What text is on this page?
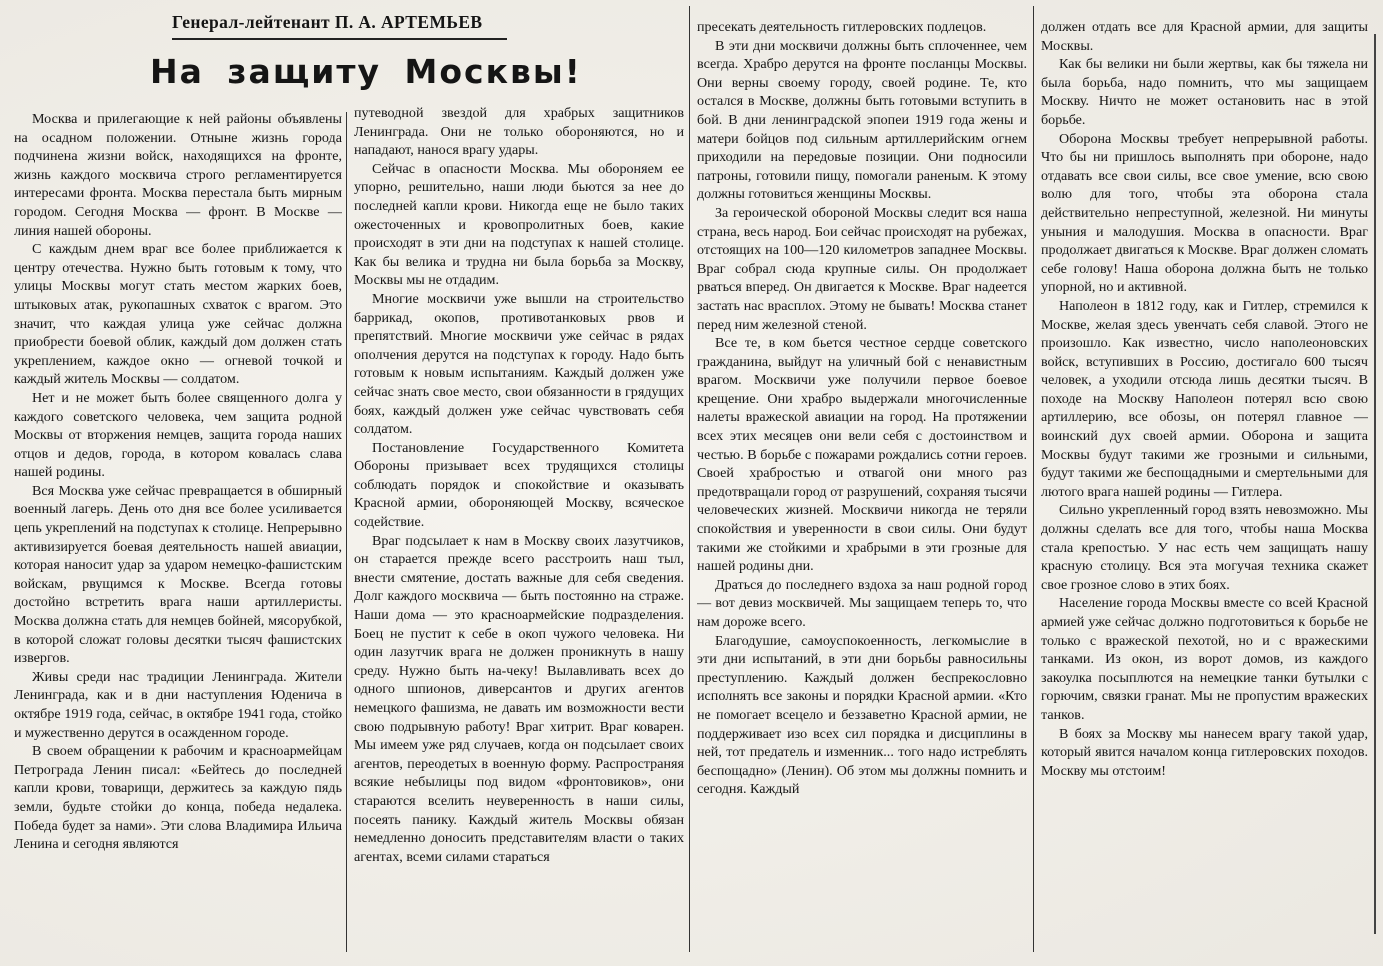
Генерал-лейтенант П. А. АРТЕМЬЕВ
На защиту Москвы!

Москва и прилегающие к ней районы объявлены на осадном положении. Отныне жизнь города подчинена жизни войск, находящихся на фронте, жизнь каждого москвича строго регламентируется интересами фронта. Москва перестала быть мирным городом. Сегодня Москва — фронт. В Москве — линия нашей обороны.

С каждым днем враг все более приближается к центру отечества. Нужно быть готовым к тому, что улицы Москвы могут стать местом жарких боев, штыковых атак, рукопашных схваток с врагом. Это значит, что каждая улица уже сейчас должна приобрести боевой облик, каждый дом должен стать укреплением, каждое окно — огневой точкой и каждый житель Москвы — солдатом.

Нет и не может быть более священного долга у каждого советского человека, чем защита родной Москвы от вторжения немцев, защита города наших отцов и дедов, города, в котором ковалась слава нашей родины.

Вся Москва уже сейчас превращается в обширный военный лагерь. День ото дня все более усиливается цепь укреплений на подступах к столице. Непрерывно активизируется боевая деятельность нашей авиации, которая наносит удар за ударом немецко-фашистским войскам, рвущимся к Москве. Всегда готовы достойно встретить врага наши артиллеристы. Москва должна стать для немцев бойней, мясорубкой, в которой сложат головы десятки тысяч фашистских извергов.

Живы среди нас традиции Ленинграда. Жители Ленинграда, как и в дни наступления Юденича в октябре 1919 года, сейчас, в октябре 1941 года, стойко и мужественно дерутся в осажденном городе.

В своем обращении к рабочим и красноармейцам Петрограда Ленин писал: «Бейтесь до последней капли крови, товарищи, держитесь за каждую пядь земли, будьте стойки до конца, победа недалека. Победа будет за нами». Эти слова Владимира Ильича Ленина и сегодня являются

путеводной звездой для храбрых защитников Ленинграда. Они не только обороняются, но и нападают, нанося врагу удары.

Сейчас в опасности Москва. Мы обороняем ее упорно, решительно, наши люди бьются за нее до последней капли крови. Никогда еще не было таких ожесточенных и кровопролитных боев, какие происходят в эти дни на подступах к нашей столице. Как бы велика и трудна ни была борьба за Москву, Москвы мы не отдадим.

Многие москвичи уже вышли на строительство баррикад, окопов, противотанковых рвов и препятствий. Многие москвичи уже сейчас в рядах ополчения дерутся на подступах к городу. Надо быть готовым к новым испытаниям. Каждый должен уже сейчас знать свое место, свои обязанности в грядущих боях, каждый должен уже сейчас чувствовать себя солдатом.

Постановление Государственного Комитета Обороны призывает всех трудящихся столицы соблюдать порядок и спокойствие и оказывать Красной армии, обороняющей Москву, всяческое содействие.

Враг подсылает к нам в Москву своих лазутчиков, он старается прежде всего расстроить наш тыл, внести смятение, достать важные для себя сведения. Долг каждого москвича — быть постоянно на страже. Наши дома — это красноармейские подразделения. Боец не пустит к себе в окоп чужого человека. Ни один лазутчик врага не должен проникнуть в нашу среду. Нужно быть на-чеку! Вылавливать всех до одного шпионов, диверсантов и других агентов немецкого фашизма, не давать им возможности вести свою подрывную работу! Враг хитрит. Враг коварен. Мы имеем уже ряд случаев, когда он подсылает своих агентов, переодетых в военную форму. Распространяя всякие небылицы под видом «фронтовиков», они стараются вселить неуверенность в наши силы, посеять панику. Каждый житель Москвы обязан немедленно доносить представителям власти о таких агентах, всеми силами стараться

пресекать деятельность гитлеровских подлецов.

В эти дни москвичи должны быть сплоченнее, чем всегда. Храбро дерутся на фронте посланцы Москвы. Они верны своему городу, своей родине. Те, кто остался в Москве, должны быть готовыми вступить в бой. В дни ленинградской эпопеи 1919 года жены и матери бойцов под сильным артиллерийским огнем приходили на передовые позиции. Они подносили патроны, готовили пищу, помогали раненым. К этому должны готовиться женщины Москвы.

За героической обороной Москвы следит вся наша страна, весь народ. Бои сейчас происходят на рубежах, отстоящих на 100—120 километров западнее Москвы. Враг собрал сюда крупные силы. Он продолжает рваться вперед. Он двигается к Москве. Враг надеется застать нас врасплох. Этому не бывать! Москва станет перед ним железной стеной.

Все те, в ком бьется честное сердце советского гражданина, выйдут на уличный бой с ненавистным врагом. Москвичи уже получили первое боевое крещение. Они храбро выдержали многочисленные налеты вражеской авиации на город. На протяжении всех этих месяцев они вели себя с достоинством и честью. В борьбе с пожарами рождались сотни героев. Своей храбростью и отвагой они много раз предотвращали город от разрушений, сохраняя тысячи человеческих жизней. Москвичи никогда не теряли спокойствия и уверенности в свои силы. Они будут такими же стойкими и храбрыми в эти грозные для нашей родины дни.

Драться до последнего вздоха за наш родной город — вот девиз москвичей. Мы защищаем теперь то, что нам дороже всего.

Благодушие, самоуспокоенность, легкомыслие в эти дни испытаний, в эти дни борьбы равносильны преступлению. Каждый должен беспрекословно исполнять все законы и порядки Красной армии. «Кто не помогает всецело и беззаветно Красной армии, не поддерживает изо всех сил порядка и дисциплины в ней, тот предатель и изменник... того надо истреблять беспощадно» (Ленин). Об этом мы должны помнить и сегодня. Каждый

должен отдать все для Красной армии, для защиты Москвы.

Как бы велики ни были жертвы, как бы тяжела ни была борьба, надо помнить, что мы защищаем Москву. Ничто не может остановить нас в этой борьбе.

Оборона Москвы требует непрерывной работы. Что бы ни пришлось выполнять при обороне, надо отдавать все свои силы, все свое умение, всю свою волю для того, чтобы эта оборона стала действительно непреступной, железной. Ни минуты уныния и малодушия. Москва в опасности. Враг продолжает двигаться к Москве. Враг должен сломать себе голову! Наша оборона должна быть не только упорной, но и активной.

Наполеон в 1812 году, как и Гитлер, стремился к Москве, желая здесь увенчать себя славой. Этого не произошло. Как известно, число наполеоновских войск, вступивших в Россию, достигало 600 тысяч человек, а уходили отсюда лишь десятки тысяч. В походе на Москву Наполеон потерял всю свою артиллерию, все обозы, он потерял главное — воинский дух своей армии. Оборона и защита Москвы будут такими же грозными и сильными, будут такими же беспощадными и смертельными для лютого врага нашей родины — Гитлера.

Сильно укрепленный город взять невозможно. Мы должны сделать все для того, чтобы наша Москва стала крепостью. У нас есть чем защищать нашу красную столицу. Вся эта могучая техника скажет свое грозное слово в этих боях.

Население города Москвы вместе со всей Красной армией уже сейчас должно подготовиться к борьбе не только с вражеской пехотой, но и с вражескими танками. Из окон, из ворот домов, из каждого закоулка посыплются на немецкие танки бутылки с горючим, связки гранат. Мы не пропустим вражеских танков.

В боях за Москву мы нанесем врагу такой удар, который явится началом конца гитлеровских походов. Москву мы отстоим!
